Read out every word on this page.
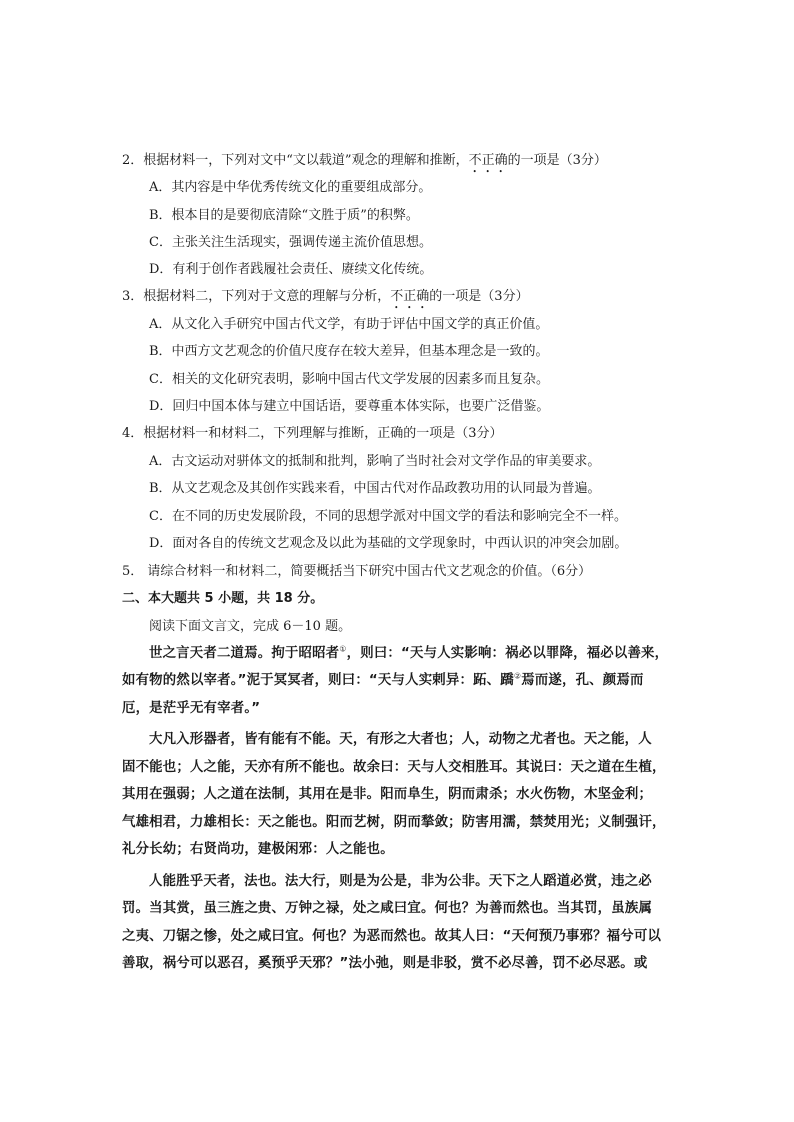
2．根据材料一，下列对文中“文以载道”观念的理解和推断，不正确的一项是（3分）
A．其内容是中华优秀传统文化的重要组成部分。
B．根本目的是要彻底清除“文胜于质”的积弊。
C．主张关注生活现实，强调传递主流价值思想。
D．有利于创作者践履社会责任、赓续文化传统。
3．根据材料二，下列对于文意的理解与分析，不正确的一项是（3分）
A．从文化入手研究中国古代文学，有助于评估中国文学的真正价值。
B．中西方文艺观念的价值尺度存在较大差异，但基本理念是一致的。
C．相关的文化研究表明，影响中国古代文学发展的因素多而且复杂。
D．回归中国本体与建立中国话语，要尊重本体实际，也要广泛借鉴。
4．根据材料一和材料二，下列理解与推断，正确的一项是（3分）
A．古文运动对骈体文的抵制和批判，影响了当时社会对文学作品的审美要求。
B．从文艺观念及其创作实践来看，中国古代对作品政教功用的认同最为普遍。
C．在不同的历史发展阶段，不同的思想学派对中国文学的看法和影响完全不一样。
D．面对各自的传统文艺观念及以此为基础的文学现象时，中西认识的冲突会加剧。
5． 请综合材料一和材料二，简要概括当下研究中国古代文艺观念的价值。（6分）
二、本大题共 5 小题，共 18 分。
阅读下面文言文，完成 6－10 题。
世之言天者二道焉。拘于昭昭者①，则曰：“天与人实影响：祸必以罪降，福必以善来，
如有物的然以宰者。”泥于冥冥者，则曰：“天与人实剌异：跖、蹻②焉而遂，孔、颜焉而
厄，是茫乎无有宰者。”
大凡入形器者，皆有能有不能。天，有形之大者也；人，动物之尤者也。天之能，人
固不能也；人之能，天亦有所不能也。故余曰：天与人交相胜耳。其说曰：天之道在生植，
其用在强弱；人之道在法制，其用在是非。阳而阜生，阴而肃杀；水火伤物，木坚金利；
气雄相君，力雄相长：天之能也。阳而艺树，阴而揫敛；防害用濡，禁焚用光；义制强讦，
礼分长幼；右贤尚功，建极闲邪：人之能也。
人能胜乎天者，法也。法大行，则是为公是，非为公非。天下之人蹈道必赏，违之必
罚。当其赏，虽三旌之贵、万钟之禄，处之咸曰宜。何也？为善而然也。当其罚，虽族属
之夷、刀锯之惨，处之咸曰宜。何也？为恶而然也。故其人曰：“天何预乃事邪？福兮可以
善取，祸兮可以恶召，奚预乎天邪？”法小弛，则是非驳，赏不必尽善，罚不必尽恶。或
